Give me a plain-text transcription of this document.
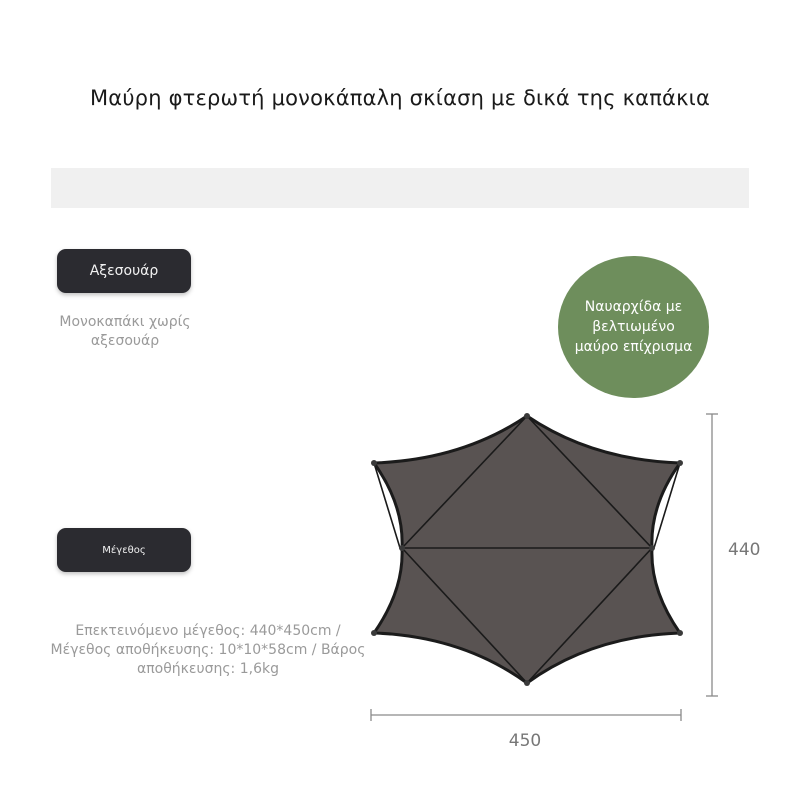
Μαύρη φτερωτή μονοκάπαλη σκίαση με δικά της καπάκια
Αξεσουάρ
Μονοκαπάκι χωρίς αξεσουάρ
Ναυαρχίδα με βελτιωμένο μαύρο επίχρισμα
Μέγεθος
Επεκτεινόμενο μέγεθος: 440*450cm / Μέγεθος αποθήκευσης: 10*10*58cm / Βάρος αποθήκευσης: 1,6kg
440
450
